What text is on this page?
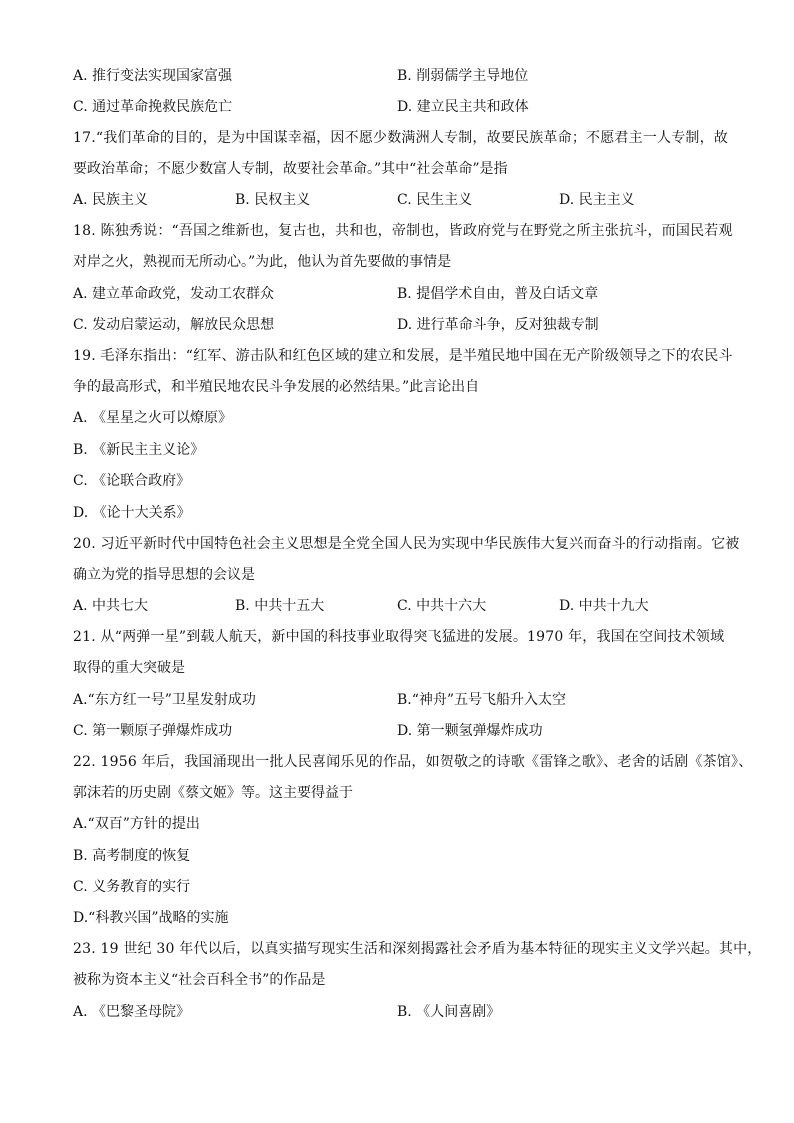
A. 推行变法实现国家富强	B. 削弱儒学主导地位
C. 通过革命挽救民族危亡	D. 建立民主共和政体
17.“我们革命的目的，是为中国谋幸福，因不愿少数满洲人专制，故要民族革命；不愿君主一人专制，故
要政治革命；不愿少数富人专制，故要社会革命。”其中“社会革命”是指
A. 民族主义	B. 民权主义	C. 民生主义	D. 民主主义
18. 陈独秀说：“吾国之维新也，复古也，共和也，帝制也，皆政府党与在野党之所主张抗斗，而国民若观
对岸之火，熟视而无所动心。”为此，他认为首先要做的事情是
A. 建立革命政党，发动工农群众	B. 提倡学术自由，普及白话文章
C. 发动启蒙运动，解放民众思想	D. 进行革命斗争，反对独裁专制
19. 毛泽东指出：“红军、游击队和红色区域的建立和发展，是半殖民地中国在无产阶级领导之下的农民斗
争的最高形式，和半殖民地农民斗争发展的必然结果。”此言论出自
A. 《星星之火可以燎原》
B. 《新民主主义论》
C. 《论联合政府》
D. 《论十大关系》
20. 习近平新时代中国特色社会主义思想是全党全国人民为实现中华民族伟大复兴而奋斗的行动指南。它被
确立为党的指导思想的会议是
A. 中共七大	B. 中共十五大	C. 中共十六大	D. 中共十九大
21. 从“两弹一星”到载人航天，新中国的科技事业取得突飞猛进的发展。1970 年，我国在空间技术领域
取得的重大突破是
A.“东方红一号”卫星发射成功	B.“神舟”五号飞船升入太空
C. 第一颗原子弹爆炸成功	D. 第一颗氢弹爆炸成功
22. 1956 年后，我国涌现出一批人民喜闻乐见的作品，如贺敬之的诗歌《雷锋之歌》、老舍的话剧《茶馆》、
郭沫若的历史剧《蔡文姬》等。这主要得益于
A.“双百”方针的提出
B. 高考制度的恢复
C. 义务教育的实行
D.“科教兴国”战略的实施
23. 19 世纪 30 年代以后，以真实描写现实生活和深刻揭露社会矛盾为基本特征的现实主义文学兴起。其中，
被称为资本主义“社会百科全书”的作品是
A. 《巴黎圣母院》	B. 《人间喜剧》
